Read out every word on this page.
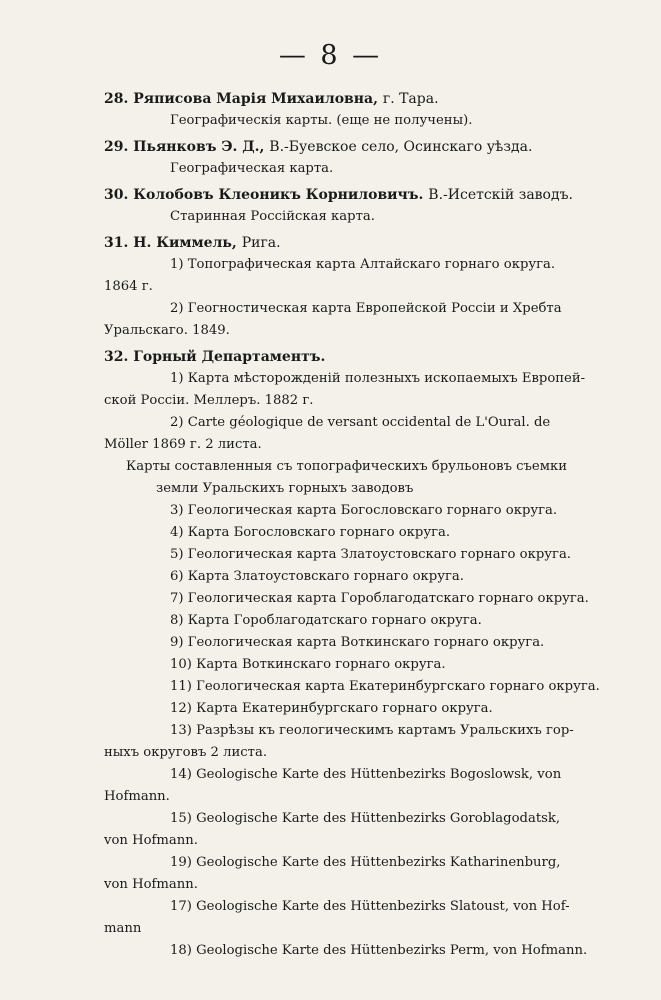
— 8 —
28. Ряписова Марія Михаиловна, г. Тара.
Географическія карты. (еще не получены).
29. Пьянковъ Э. Д., В.-Буевское село, Осинскаго уѣзда.
Географическая карта.
30. Колобовъ Клеоникъ Корниловичъ. В.-Исетскій заводъ.
Старинная Россійская карта.
31. Н. Киммель, Рига.
1) Топографическая карта Алтайскаго горнаго округа.
1864 г.
2) Геогностическая карта Европейской Россіи и Хребта
Уральскаго. 1849.
32. Горный Департаментъ.
1) Карта мѣсторожденій полезныхъ ископаемыхъ Европей-
ской Россіи. Меллеръ. 1882 г.
2) Carte géologique de versant occidental de L'Oural. de
Möller 1869 г. 2 листа.
Карты составленныя съ топографическихъ брульоновъ съемки
земли Уральскихъ горныхъ заводовъ
3) Геологическая карта Богословскаго горнаго округа.
4) Карта Богословскаго горнаго округа.
5) Геологическая карта Златоустовскаго горнаго округа.
6) Карта Златоустовскаго горнаго округа.
7) Геологическая карта Гороблагодатскаго горнаго округа.
8) Карта Гороблагодатскаго горнаго округа.
9) Геологическая карта Воткинскаго горнаго округа.
10) Карта Воткинскаго горнаго округа.
11) Геологическая карта Екатеринбургскаго горнаго округа.
12) Карта Екатеринбургскаго горнаго округа.
13) Разрѣзы къ геологическимъ картамъ Уральскихъ гор-
ныхъ округовъ 2 листа.
14) Geologische Karte des Hüttenbezirks Bogoslowsk, von
Hofmann.
15) Geologische Karte des Hüttenbezirks Goroblagodatsk,
von Hofmann.
19) Geologische Karte des Hüttenbezirks Katharinenburg,
von Hofmann.
17) Geologische Karte des Hüttenbezirks Slatoust, von Hof-
mann
18) Geologische Karte des Hüttenbezirks Perm, von Hofmann.
